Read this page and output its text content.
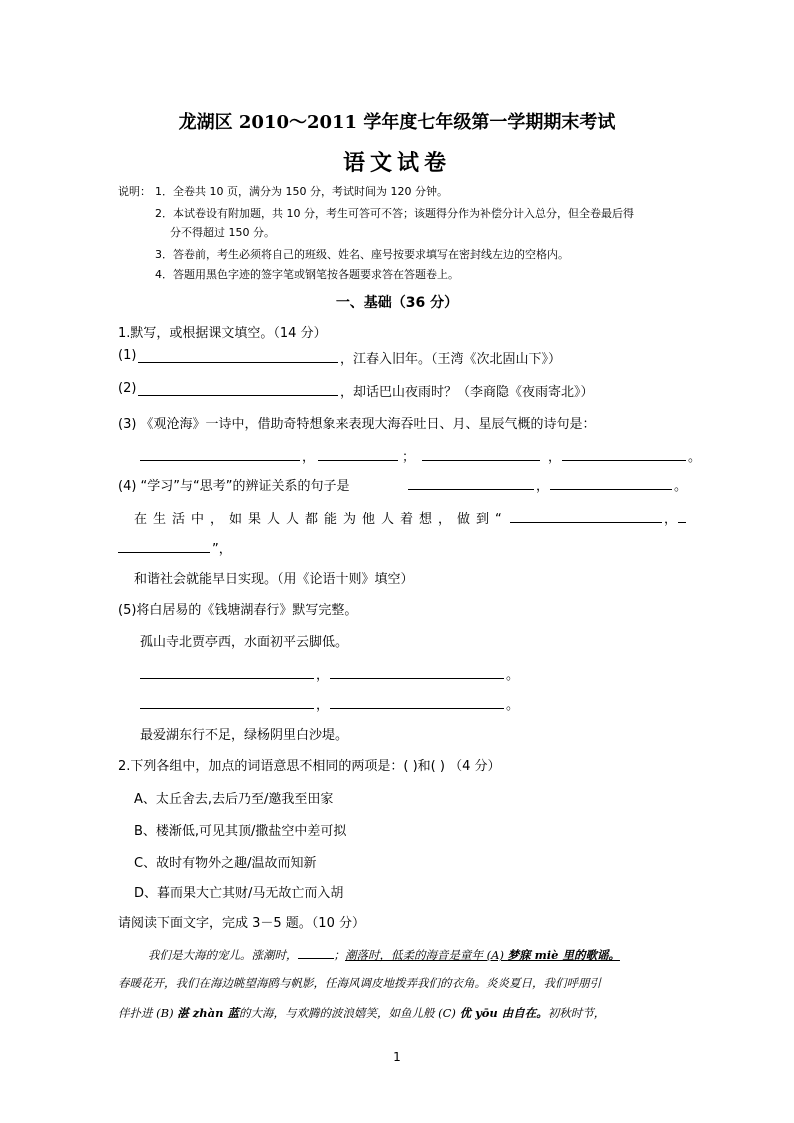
龙湖区 2010～2011 学年度七年级第一学期期末考试
语文试卷
说明： 1．全卷共 10 页，满分为 150 分，考试时间为 120 分钟。
2．本试卷设有附加题，共 10 分，考生可答可不答；该题得分作为补偿分计入总分，但全卷最后得
分不得超过 150 分。
3．答卷前，考生必须将自己的班级、姓名、座号按要求填写在密封线左边的空格内。
4．答题用黑色字迹的签字笔或钢笔按各题要求答在答题卷上。
一、基础（36 分）
1.默写，或根据课文填空。（14 分）
(1)	，江春入旧年。（王湾《次北固山下》）
(2)	，却话巴山夜雨时？（李商隐《夜雨寄北》）
(3) 《观沧海》一诗中，借助奇特想象来表现大海吞吐日、月、星辰气概的诗句是：
，	；	，	。
(4) “学习”与“思考”的辨证关系的句子是	，	。
在生活中，如果人人都能为他人着想，做到“	，
”，
和谐社会就能早日实现。（用《论语十则》填空）
(5)将白居易的《钱塘湖春行》默写完整。
孤山寺北贾亭西，水面初平云脚低。
，	。
，	。
最爱湖东行不足，绿杨阴里白沙堤。
2.下列各组中，加点的词语意思不相同的两项是：( )和( ) （4 分）
A、太丘舍去,去后乃至/邀我至田家
B、楼渐低,可见其顶/撒盐空中差可拟
C、故时有物外之趣/温故而知新
D、暮而果大亡其财/马无故亡而入胡
请阅读下面文字，完成 3－5 题。（10 分）
我们是大海的宠儿。涨潮时，	；潮落时，低柔的海音是童年 (A) 梦寐 miè 里的歌谣。
春暖花开，我们在海边眺望海鸥与帆影，任海风调皮地拨弄我们的衣角。炎炎夏日，我们呼朋引
伴扑进 (B) 湛 zhàn 蓝的大海，与欢腾的波浪嬉笑，如鱼儿般 (C) 优 yōu 由自在。初秋时节，
1
